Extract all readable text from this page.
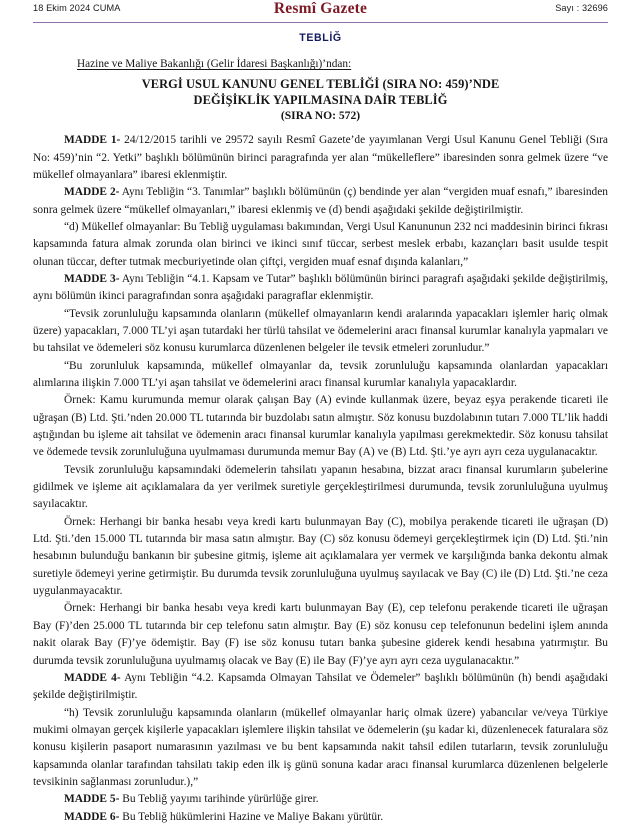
18 Ekim 2024 CUMA	Resmî Gazete	Sayı : 32696
TEBLİĞ

Hazine ve Maliye Bakanlığı (Gelir İdaresi Başkanlığı)’ndan:

VERGİ USUL KANUNU GENEL TEBLİĞİ (SIRA NO: 459)’NDE
DEĞİŞİKLİK YAPILMASINA DAİR TEBLİĞ
(SIRA NO: 572)

MADDE 1- 24/12/2015 tarihli ve 29572 sayılı Resmî Gazete’de yayımlanan Vergi Usul Kanunu Genel Tebliği (Sıra No: 459)’nin “2. Yetki” başlıklı bölümünün birinci paragrafında yer alan “mükelleflere” ibaresinden sonra gelmek üzere “ve mükellef olmayanlara” ibaresi eklenmiştir.

MADDE 2- Aynı Tebliğin “3. Tanımlar” başlıklı bölümünün (ç) bendinde yer alan “vergiden muaf esnafı,” ibaresinden sonra gelmek üzere “mükellef olmayanları,” ibaresi eklenmiş ve (d) bendi aşağıdaki şekilde değiştirilmiştir.

“d) Mükellef olmayanlar: Bu Tebliğ uygulaması bakımından, Vergi Usul Kanununun 232 nci maddesinin birinci fıkrası kapsamında fatura almak zorunda olan birinci ve ikinci sınıf tüccar, serbest meslek erbabı, kazançları basit usulde tespit olunan tüccar, defter tutmak mecburiyetinde olan çiftçi, vergiden muaf esnaf dışında kalanları,”

MADDE 3- Aynı Tebliğin “4.1. Kapsam ve Tutar” başlıklı bölümünün birinci paragrafı aşağıdaki şekilde değiştirilmiş, aynı bölümün ikinci paragrafından sonra aşağıdaki paragraflar eklenmiştir.

“Tevsik zorunluluğu kapsamında olanların (mükellef olmayanların kendi aralarında yapacakları işlemler hariç olmak üzere) yapacakları, 7.000 TL’yi aşan tutardaki her türlü tahsilat ve ödemelerini aracı finansal kurumlar kanalıyla yapmaları ve bu tahsilat ve ödemeleri söz konusu kurumlarca düzenlenen belgeler ile tevsik etmeleri zorunludur.”

“Bu zorunluluk kapsamında, mükellef olmayanlar da, tevsik zorunluluğu kapsamında olanlardan yapacakları alımlarına ilişkin 7.000 TL’yi aşan tahsilat ve ödemelerini aracı finansal kurumlar kanalıyla yapacaklardır.

Örnek: Kamu kurumunda memur olarak çalışan Bay (A) evinde kullanmak üzere, beyaz eşya perakende ticareti ile uğraşan (B) Ltd. Şti.’nden 20.000 TL tutarında bir buzdolabı satın almıştır. Söz konusu buzdolabının tutarı 7.000 TL’lik haddi aştığından bu işleme ait tahsilat ve ödemenin aracı finansal kurumlar kanalıyla yapılması gerekmektedir. Söz konusu tahsilat ve ödemede tevsik zorunluluğuna uyulmaması durumunda memur Bay (A) ve (B) Ltd. Şti.’ye ayrı ayrı ceza uygulanacaktır.

Tevsik zorunluluğu kapsamındaki ödemelerin tahsilatı yapanın hesabına, bizzat aracı finansal kurumların şubelerine gidilmek ve işleme ait açıklamalara da yer verilmek suretiyle gerçekleştirilmesi durumunda, tevsik zorunluluğuna uyulmuş sayılacaktır.

Örnek: Herhangi bir banka hesabı veya kredi kartı bulunmayan Bay (C), mobilya perakende ticareti ile uğraşan (D) Ltd. Şti.’den 15.000 TL tutarında bir masa satın almıştır. Bay (C) söz konusu ödemeyi gerçekleştirmek için (D) Ltd. Şti.’nin hesabının bulunduğu bankanın bir şubesine gitmiş, işleme ait açıklamalara yer vermek ve karşılığında banka dekontu almak suretiyle ödemeyi yerine getirmiştir. Bu durumda tevsik zorunluluğuna uyulmuş sayılacak ve Bay (C) ile (D) Ltd. Şti.’ne ceza uygulanmayacaktır.

Örnek: Herhangi bir banka hesabı veya kredi kartı bulunmayan Bay (E), cep telefonu perakende ticareti ile uğraşan Bay (F)’den 25.000 TL tutarında bir cep telefonu satın almıştır. Bay (E) söz konusu cep telefonunun bedelini işlem anında nakit olarak Bay (F)’ye ödemiştir. Bay (F) ise söz konusu tutarı banka şubesine giderek kendi hesabına yatırmıştır. Bu durumda tevsik zorunluluğuna uyulmamış olacak ve Bay (E) ile Bay (F)’ye ayrı ayrı ceza uygulanacaktır.”

MADDE 4- Aynı Tebliğin “4.2. Kapsamda Olmayan Tahsilat ve Ödemeler” başlıklı bölümünün (h) bendi aşağıdaki şekilde değiştirilmiştir.

“h) Tevsik zorunluluğu kapsamında olanların (mükellef olmayanlar hariç olmak üzere) yabancılar ve/veya Türkiye mukimi olmayan gerçek kişilerle yapacakları işlemlere ilişkin tahsilat ve ödemelerin (şu kadar ki, düzenlenecek faturalara söz konusu kişilerin pasaport numarasının yazılması ve bu bent kapsamında nakit tahsil edilen tutarların, tevsik zorunluluğu kapsamında olanlar tarafından tahsilatı takip eden ilk iş günü sonuna kadar aracı finansal kurumlarca düzenlenen belgelerle tevsikinin sağlanması zorunludur.),”

MADDE 5- Bu Tebliğ yayımı tarihinde yürürlüğe girer.

MADDE 6- Bu Tebliğ hükümlerini Hazine ve Maliye Bakanı yürütür.
